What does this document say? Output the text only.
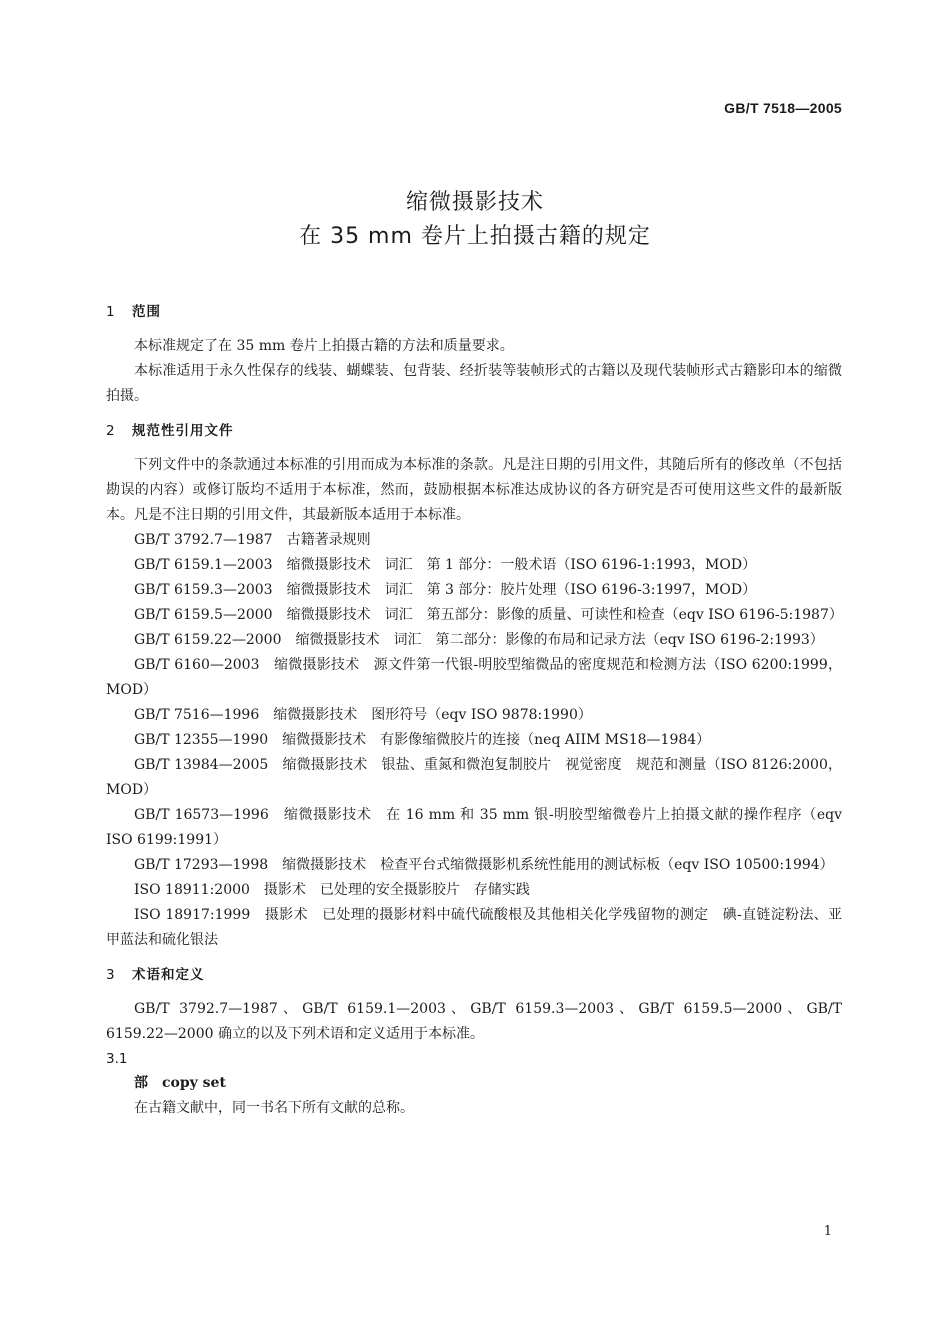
GB/T 7518—2005
缩微摄影技术
在 35 mm 卷片上拍摄古籍的规定
1 范围

本标准规定了在 35 mm 卷片上拍摄古籍的方法和质量要求。

本标准适用于永久性保存的线装、蝴蝶装、包背装、经折装等装帧形式的古籍以及现代装帧形式古籍影印本的缩微拍摄。

2 规范性引用文件

下列文件中的条款通过本标准的引用而成为本标准的条款。凡是注日期的引用文件，其随后所有的修改单（不包括勘误的内容）或修订版均不适用于本标准，然而，鼓励根据本标准达成协议的各方研究是否可使用这些文件的最新版本。凡是不注日期的引用文件，其最新版本适用于本标准。

GB/T 3792.7—1987　古籍著录规则

GB/T 6159.1—2003　缩微摄影技术　词汇　第 1 部分：一般术语（ISO 6196-1:1993，MOD）

GB/T 6159.3—2003　缩微摄影技术　词汇　第 3 部分：胶片处理（ISO 6196-3:1997，MOD）

GB/T 6159.5—2000　缩微摄影技术　词汇　第五部分：影像的质量、可读性和检查（eqv ISO 6196-5:1987）

GB/T 6159.22—2000　缩微摄影技术　词汇　第二部分：影像的布局和记录方法（eqv ISO 6196-2:1993）

GB/T 6160—2003　缩微摄影技术　源文件第一代银-明胶型缩微品的密度规范和检测方法（ISO 6200:1999，MOD）

GB/T 7516—1996　缩微摄影技术　图形符号（eqv ISO 9878:1990）

GB/T 12355—1990　缩微摄影技术　有影像缩微胶片的连接（neq AIIM MS18—1984）

GB/T 13984—2005　缩微摄影技术　银盐、重氮和微泡复制胶片　视觉密度　规范和测量（ISO 8126:2000，MOD）

GB/T 16573—1996　缩微摄影技术　在 16 mm 和 35 mm 银-明胶型缩微卷片上拍摄文献的操作程序（eqv ISO 6199:1991）

GB/T 17293—1998　缩微摄影技术　检查平台式缩微摄影机系统性能用的测试标板（eqv ISO 10500:1994）

ISO 18911:2000　摄影术　已处理的安全摄影胶片　存储实践

ISO 18917:1999　摄影术　已处理的摄影材料中硫代硫酸根及其他相关化学残留物的测定　碘-直链淀粉法、亚甲蓝法和硫化银法

3 术语和定义

GB/T 3792.7—1987、GB/T 6159.1—2003、GB/T 6159.3—2003、GB/T 6159.5—2000、GB/T 6159.22—2000 确立的以及下列术语和定义适用于本标准。

3.1
部 copy set

在古籍文献中，同一书名下所有文献的总称。

1
